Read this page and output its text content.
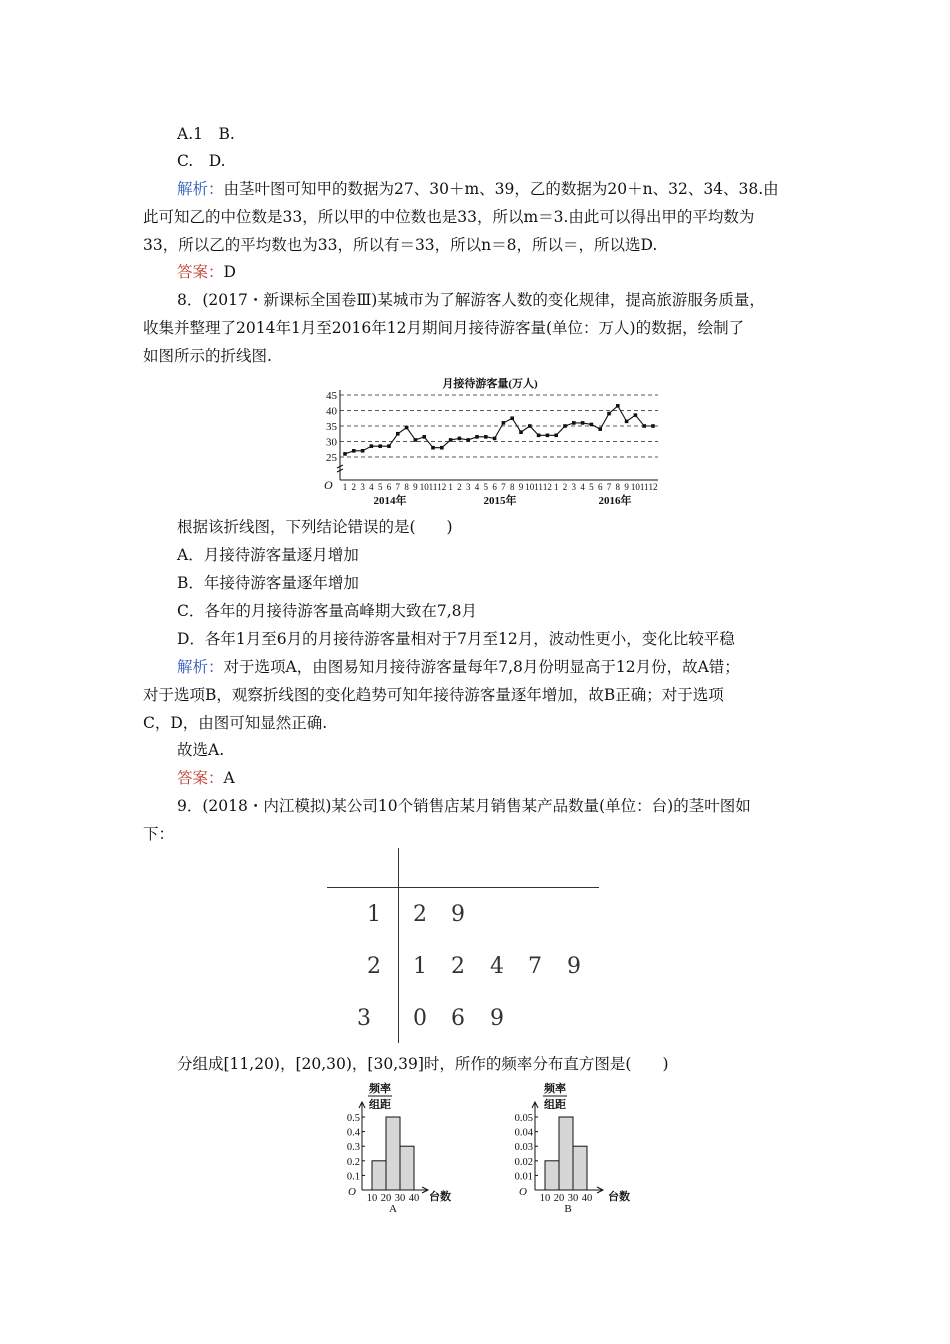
A.1　B.
C.　D.
解析：由茎叶图可知甲的数据为27、30＋m、39，乙的数据为20＋n、32、34、38.由
此可知乙的中位数是33，所以甲的中位数也是33，所以m＝3.由此可以得出甲的平均数为
33，所以乙的平均数也为33，所以有＝33，所以n＝8，所以＝，所以选D.
答案：D
8．(2017・新课标全国卷Ⅲ)某城市为了解游客人数的变化规律，提高旅游服务质量，
收集并整理了2014年1月至2016年12月期间月接待游客量(单位：万人)的数据，绘制了
如图所示的折线图.
月接待游客量(万人)
25
30
35
40
45
1 2 3 4 5 6 7 8 9 10 11 12 1 2 3 4 5 6 7 8 9 10 11 12 1 2 3 4 5 6 7 8 9 10 11 12
O
2014年	2015年	2016年
根据该折线图，下列结论错误的是(　　)
A．月接待游客量逐月增加
B．年接待游客量逐年增加
C．各年的月接待游客量高峰期大致在7,8月
D．各年1月至6月的月接待游客量相对于7月至12月，波动性更小，变化比较平稳
解析：对于选项A，由图易知月接待游客量每年7,8月份明显高于12月份，故A错；
对于选项B，观察折线图的变化趋势可知年接待游客量逐年增加，故B正确；对于选项
C，D，由图可知显然正确.
故选A.
答案：A
9．(2018・内江模拟)某公司10个销售店某月销售某产品数量(单位：台)的茎叶图如
下：
1 2 9
2 1 2 4 7 9
3 0 6 9
分组成[11,20)，[20,30)，[30,39]时，所作的频率分布直方图是(　　)
频率
组距
0.1
0.2
0.3
0.4
0.5
10 20 30 40
O	台数
A
频率
组距
0.01
0.02
0.03
0.04
0.05
10 20 30 40
O	台数
B
